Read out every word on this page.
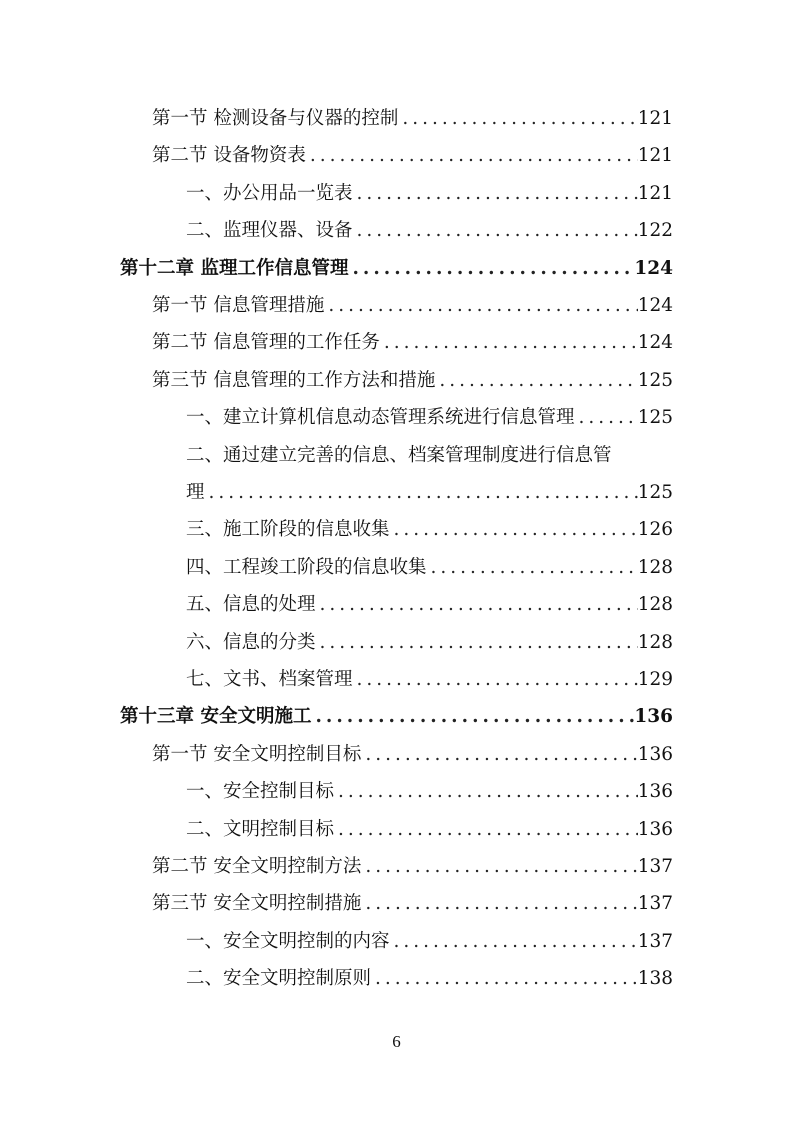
第一节 检测设备与仪器的控制 .....	121
第二节 设备物资表 .....	121
一、办公用品一览表 .....	121
二、监理仪器、设备 .....	122
第十二章 监理工作信息管理 .....	124
第一节 信息管理措施 .....	124
第二节 信息管理的工作任务 .....	124
第三节 信息管理的工作方法和措施 .....	125
一、建立计算机信息动态管理系统进行信息管理 .....	125
二、通过建立完善的信息、档案管理制度进行信息管
理 .....	125
三、施工阶段的信息收集 .....	126
四、工程竣工阶段的信息收集 .....	128
五、信息的处理 .....	128
六、信息的分类 .....	128
七、文书、档案管理 .....	129
第十三章 安全文明施工 .....	136
第一节 安全文明控制目标 .....	136
一、安全控制目标 .....	136
二、文明控制目标 .....	136
第二节 安全文明控制方法 .....	137
第三节 安全文明控制措施 .....	137
一、安全文明控制的内容 .....	137
二、安全文明控制原则 .....	138
6
